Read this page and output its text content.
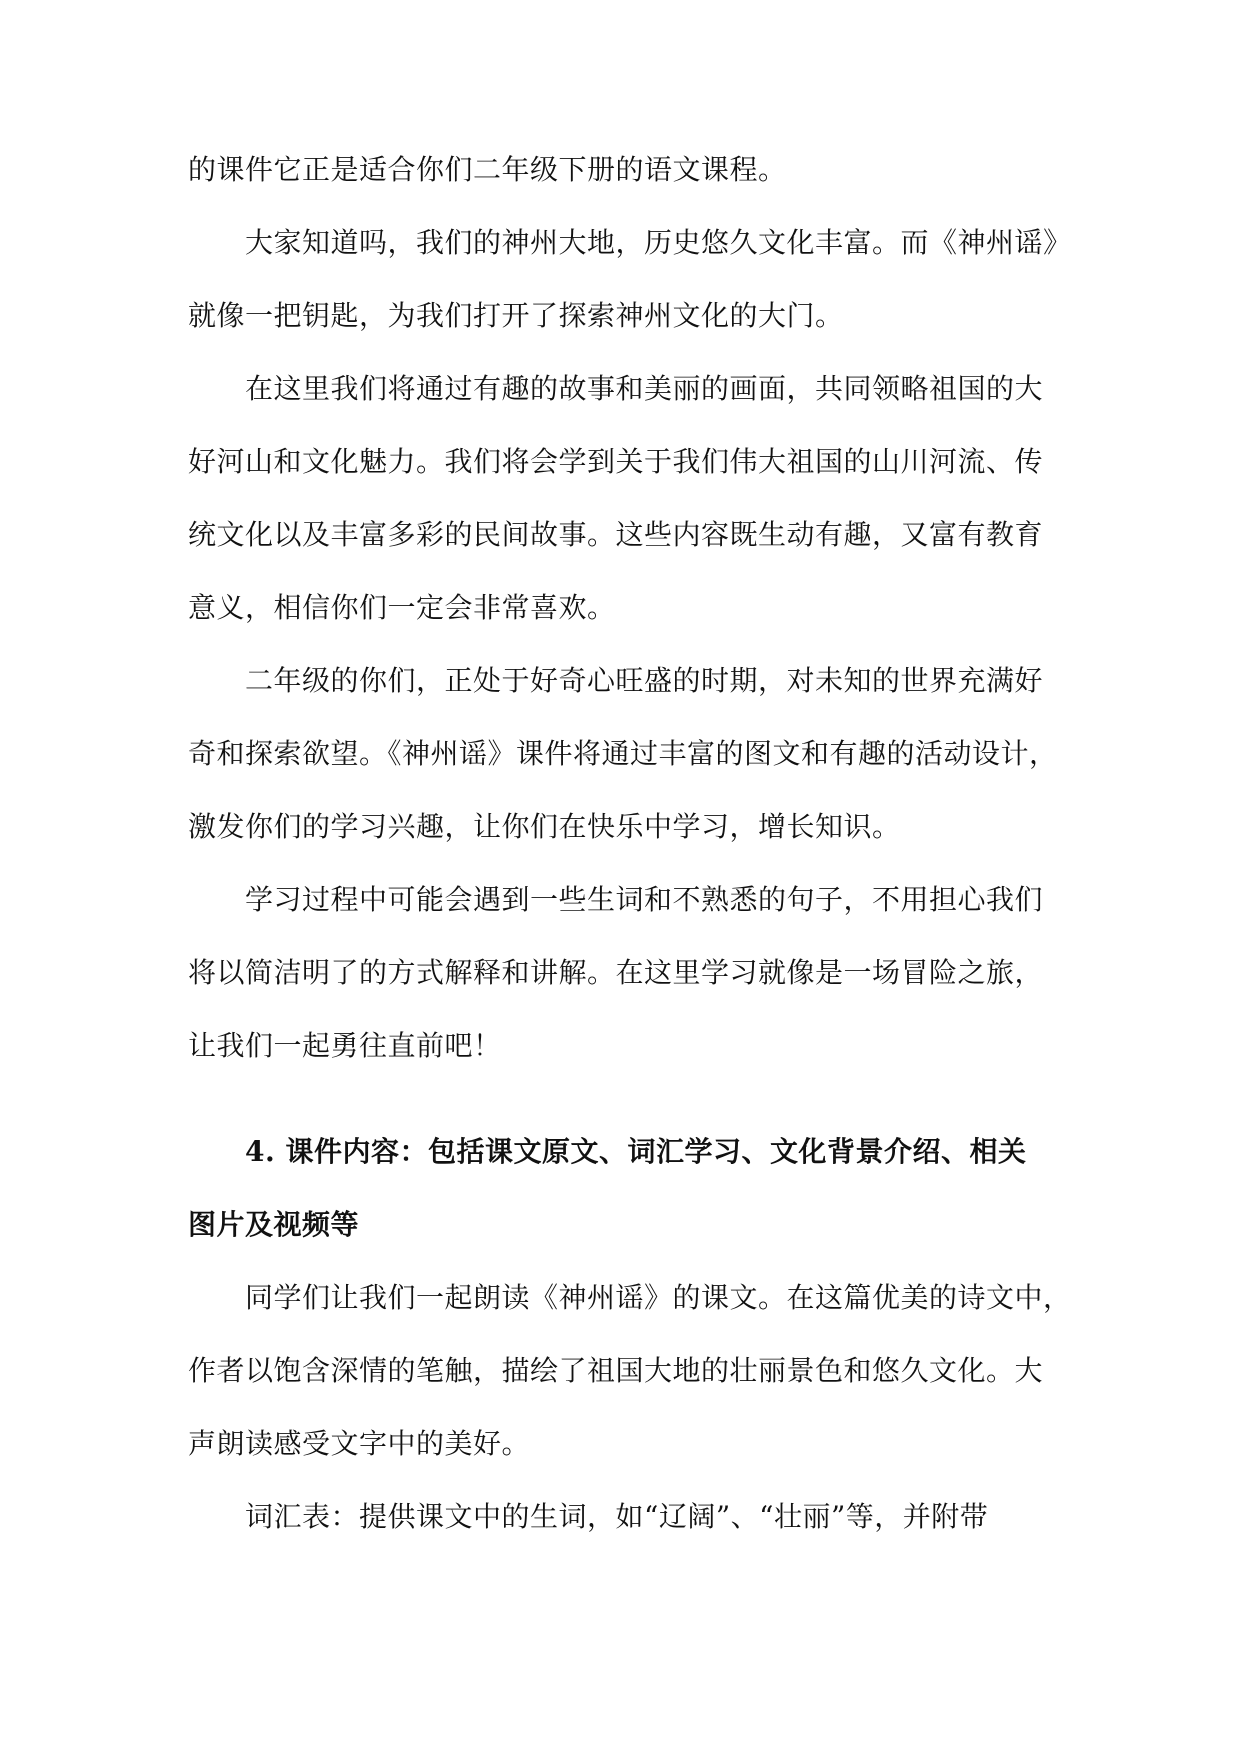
的课件它正是适合你们二年级下册的语文课程。
大家知道吗，我们的神州大地，历史悠久文化丰富。而《神州谣》
就像一把钥匙，为我们打开了探索神州文化的大门。
在这里我们将通过有趣的故事和美丽的画面，共同领略祖国的大
好河山和文化魅力。我们将会学到关于我们伟大祖国的山川河流、传
统文化以及丰富多彩的民间故事。这些内容既生动有趣，又富有教育
意义，相信你们一定会非常喜欢。
二年级的你们，正处于好奇心旺盛的时期，对未知的世界充满好
奇和探索欲望。《神州谣》课件将通过丰富的图文和有趣的活动设计，
激发你们的学习兴趣，让你们在快乐中学习，增长知识。
学习过程中可能会遇到一些生词和不熟悉的句子，不用担心我们
将以简洁明了的方式解释和讲解。在这里学习就像是一场冒险之旅，
让我们一起勇往直前吧！
4. 课件内容：包括课文原文、词汇学习、文化背景介绍、相关
图片及视频等
同学们让我们一起朗读《神州谣》的课文。在这篇优美的诗文中，
作者以饱含深情的笔触，描绘了祖国大地的壮丽景色和悠久文化。大
声朗读感受文字中的美好。
词汇表：提供课文中的生词，如“辽阔”、“壮丽”等，并附带
